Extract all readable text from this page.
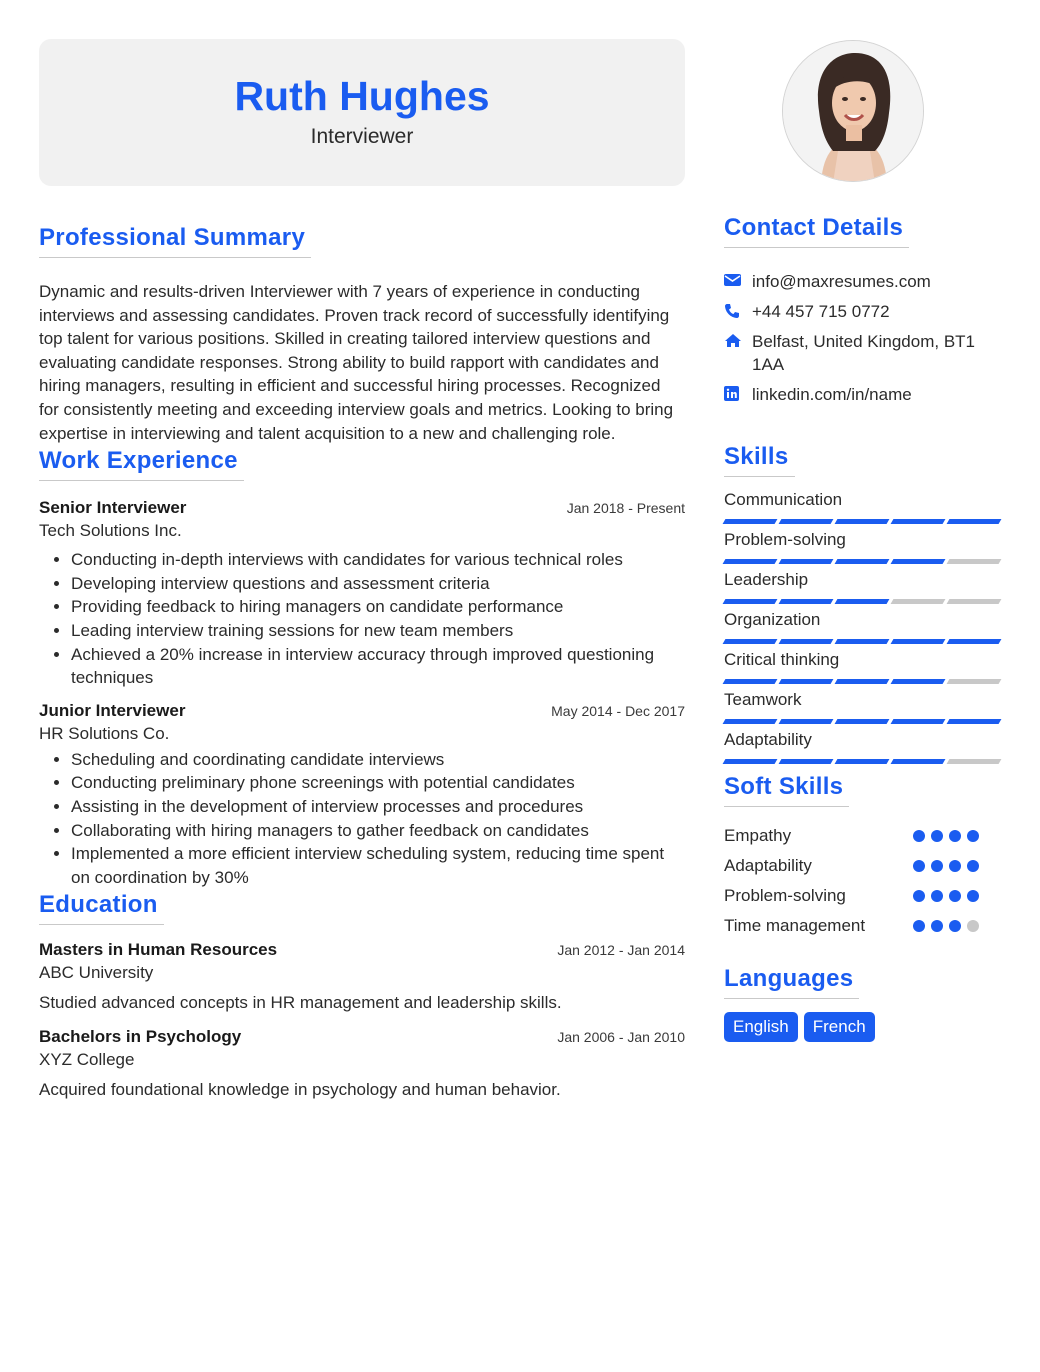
Ruth Hughes
Interviewer
Professional Summary

Dynamic and results-driven Interviewer with 7 years of experience in conducting interviews and assessing candidates. Proven track record of successfully identifying top talent for various positions. Skilled in creating tailored interview questions and evaluating candidate responses. Strong ability to build rapport with candidates and hiring managers, resulting in efficient and successful hiring processes. Recognized for consistently meeting and exceeding interview goals and metrics. Looking to bring expertise in interviewing and talent acquisition to a new and challenging role.

Work Experience
Senior Interviewer	Jan 2018 - Present
Tech Solutions Inc.
• Conducting in-depth interviews with candidates for various technical roles
• Developing interview questions and assessment criteria
• Providing feedback to hiring managers on candidate performance
• Leading interview training sessions for new team members
• Achieved a 20% increase in interview accuracy through improved questioning techniques
Junior Interviewer	May 2014 - Dec 2017
HR Solutions Co.
• Scheduling and coordinating candidate interviews
• Conducting preliminary phone screenings with potential candidates
• Assisting in the development of interview processes and procedures
• Collaborating with hiring managers to gather feedback on candidates
• Implemented a more efficient interview scheduling system, reducing time spent on coordination by 30%
Education
Masters in Human Resources	Jan 2012 - Jan 2014
ABC University
Studied advanced concepts in HR management and leadership skills.
Bachelors in Psychology	Jan 2006 - Jan 2010
XYZ College
Acquired foundational knowledge in psychology and human behavior.
Contact Details
info@maxresumes.com
+44 457 715 0772
Belfast, United Kingdom, BT1 1AA
linkedin.com/in/name
Skills
Communication
Problem-solving
Leadership
Organization
Critical thinking
Teamwork
Adaptability
Soft Skills
Empathy
Adaptability
Problem-solving
Time management
Languages
English	French
